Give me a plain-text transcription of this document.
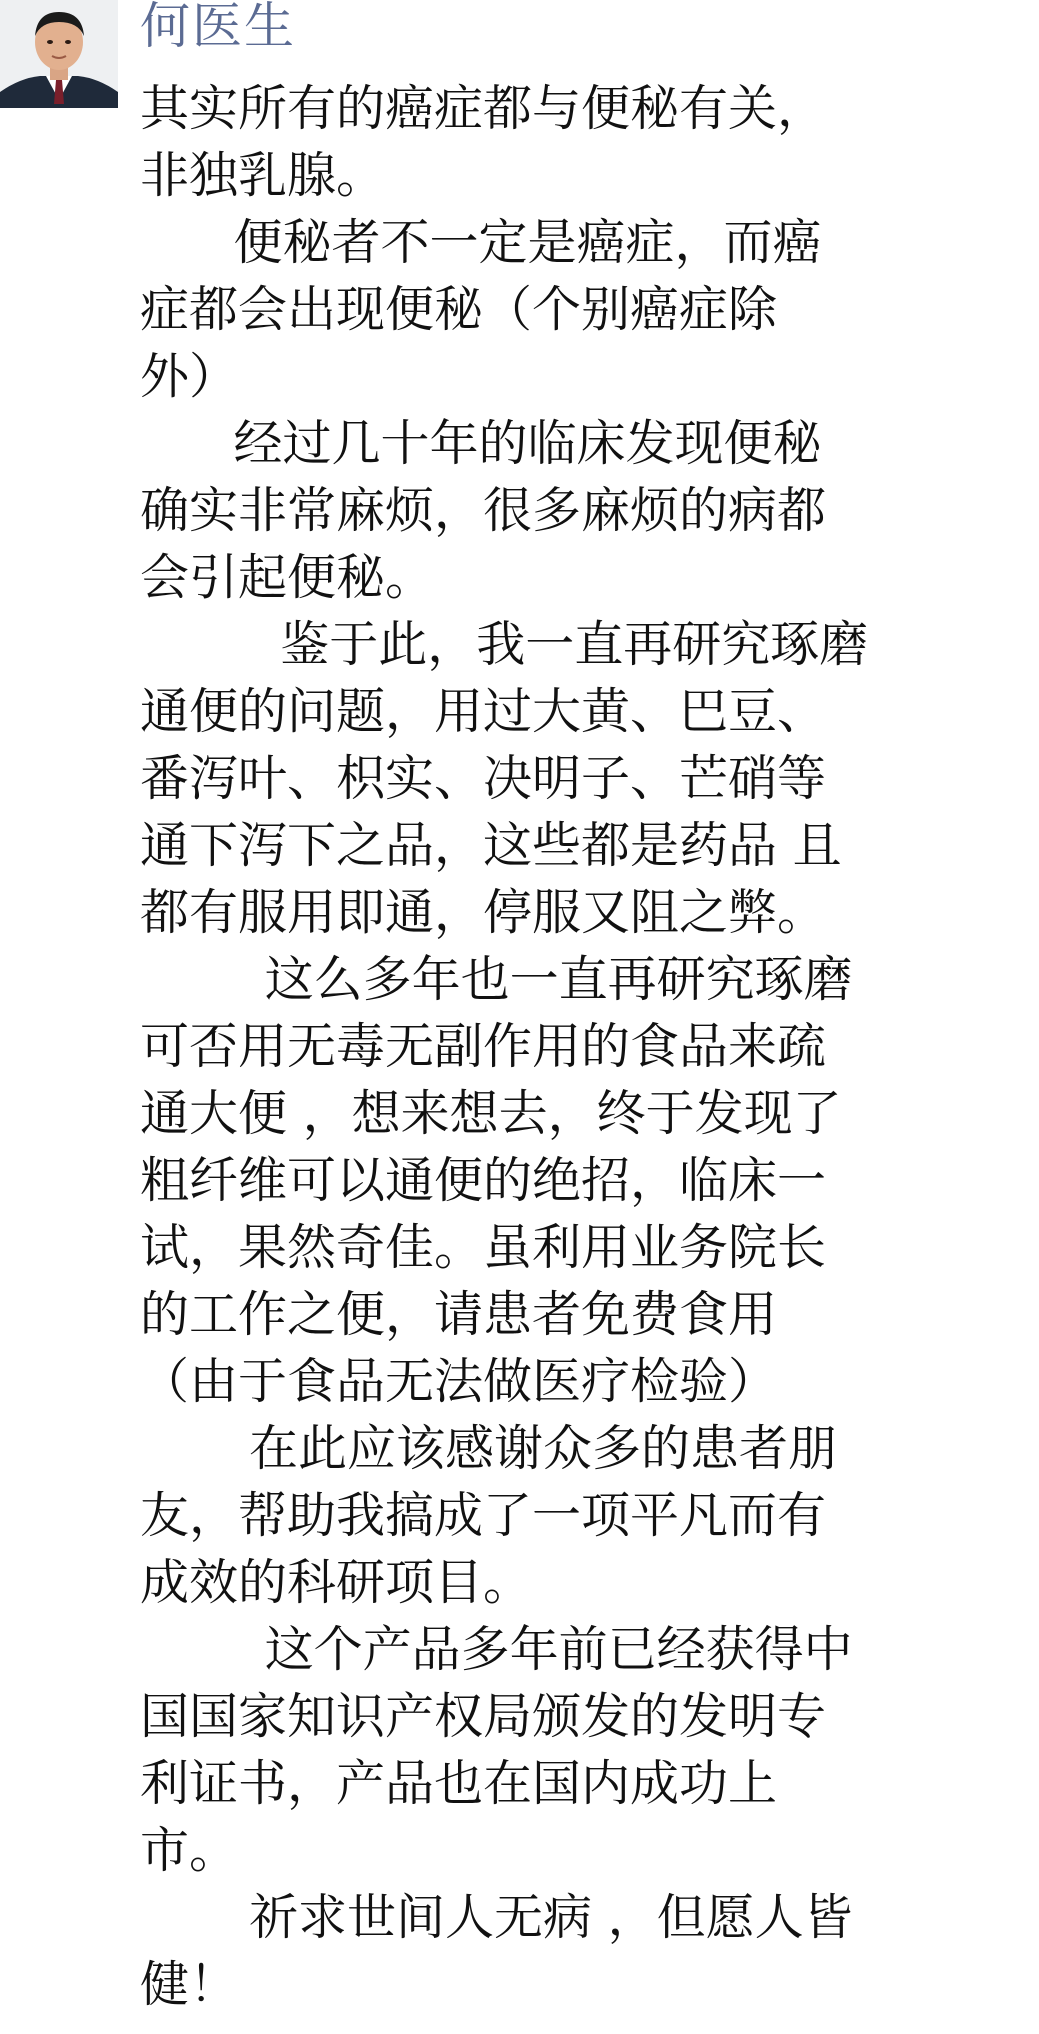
何医生

其实所有的癌症都与便秘有关，
非独乳腺。

便秘者不一定是癌症，而癌
症都会出现便秘（个别癌症除
外）

经过几十年的临床发现便秘
确实非常麻烦，很多麻烦的病都
会引起便秘。

鉴于此，我一直再研究琢磨
通便的问题，用过大黄、巴豆、
番泻叶、枳实、决明子、芒硝等
通下泻下之品，这些都是药品 且
都有服用即通，停服又阻之弊。

这么多年也一直再研究琢磨
可否用无毒无副作用的食品来疏
通大便 ，想来想去，终于发现了
粗纤维可以通便的绝招，临床一
试，果然奇佳。虽利用业务院长
的工作之便，请患者免费食用
（由于食品无法做医疗检验）

在此应该感谢众多的患者朋
友，帮助我搞成了一项平凡而有
成效的科研项目。

这个产品多年前已经获得中
国国家知识产权局颁发的发明专
利证书，产品也在国内成功上
市。

祈求世间人无病 ，但愿人皆
健！
